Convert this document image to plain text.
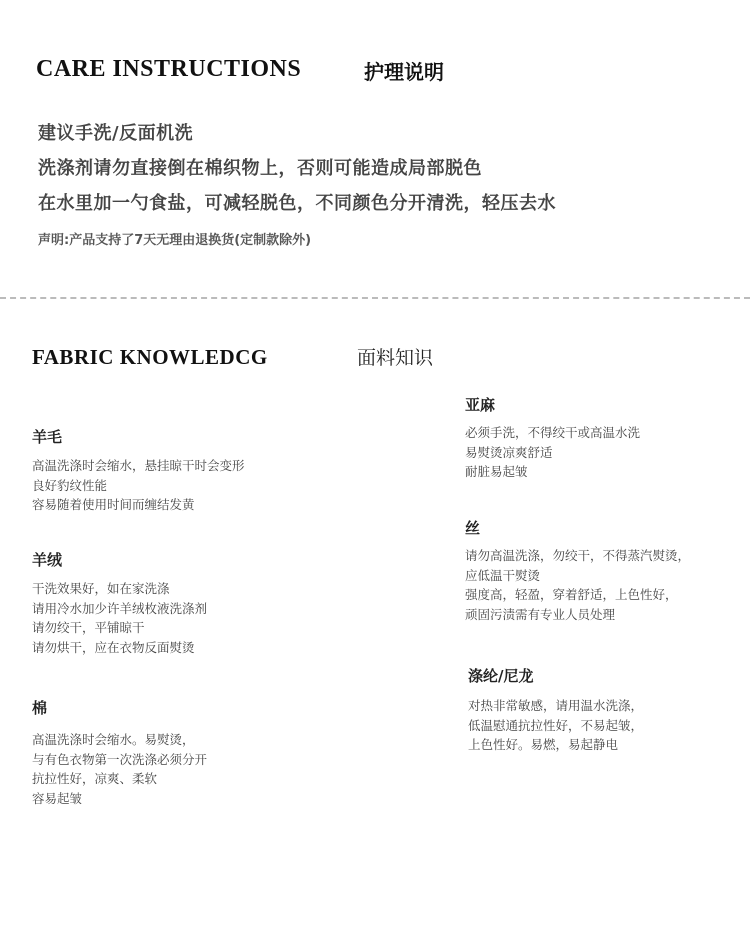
CARE INSTRUCTIONS	护理说明
建议手洗/反面机洗
洗涤剂请勿直接倒在棉织物上，否则可能造成局部脱色
在水里加一勺食盐，可减轻脱色，不同颜色分开清洗，轻压去水
声明:产品支持了7天无理由退换货(定制款除外)
FABRIC KNOWLEDCG	面料知识
羊毛
高温洗涤时会缩水，悬挂晾干时会变形
良好豹纹性能
容易随着使用时间而缠结发黄
羊绒
干洗效果好，如在家洗涤
请用冷水加少许羊绒枚液洗涤剂
请勿绞干，平铺晾干
请勿烘干，应在衣物反面熨烫
棉
高温洗涤时会缩水。易熨烫，
与有色衣物第一次洗涤必须分开
抗拉性好，凉爽、柔软
容易起皱
亚麻
必须手洗，不得绞干或高温水洗
易熨烫凉爽舒适
耐脏易起皱
丝
请勿高温洗涤，勿绞干，不得蒸汽熨烫，
应低温干熨烫
强度高，轻盈，穿着舒适，上色性好，
顽固污渍需有专业人员处理
涤纶/尼龙
对热非常敏感，请用温水洗涤，
低温慰通抗拉性好，不易起皱，
上色性好。易燃，易起静电
